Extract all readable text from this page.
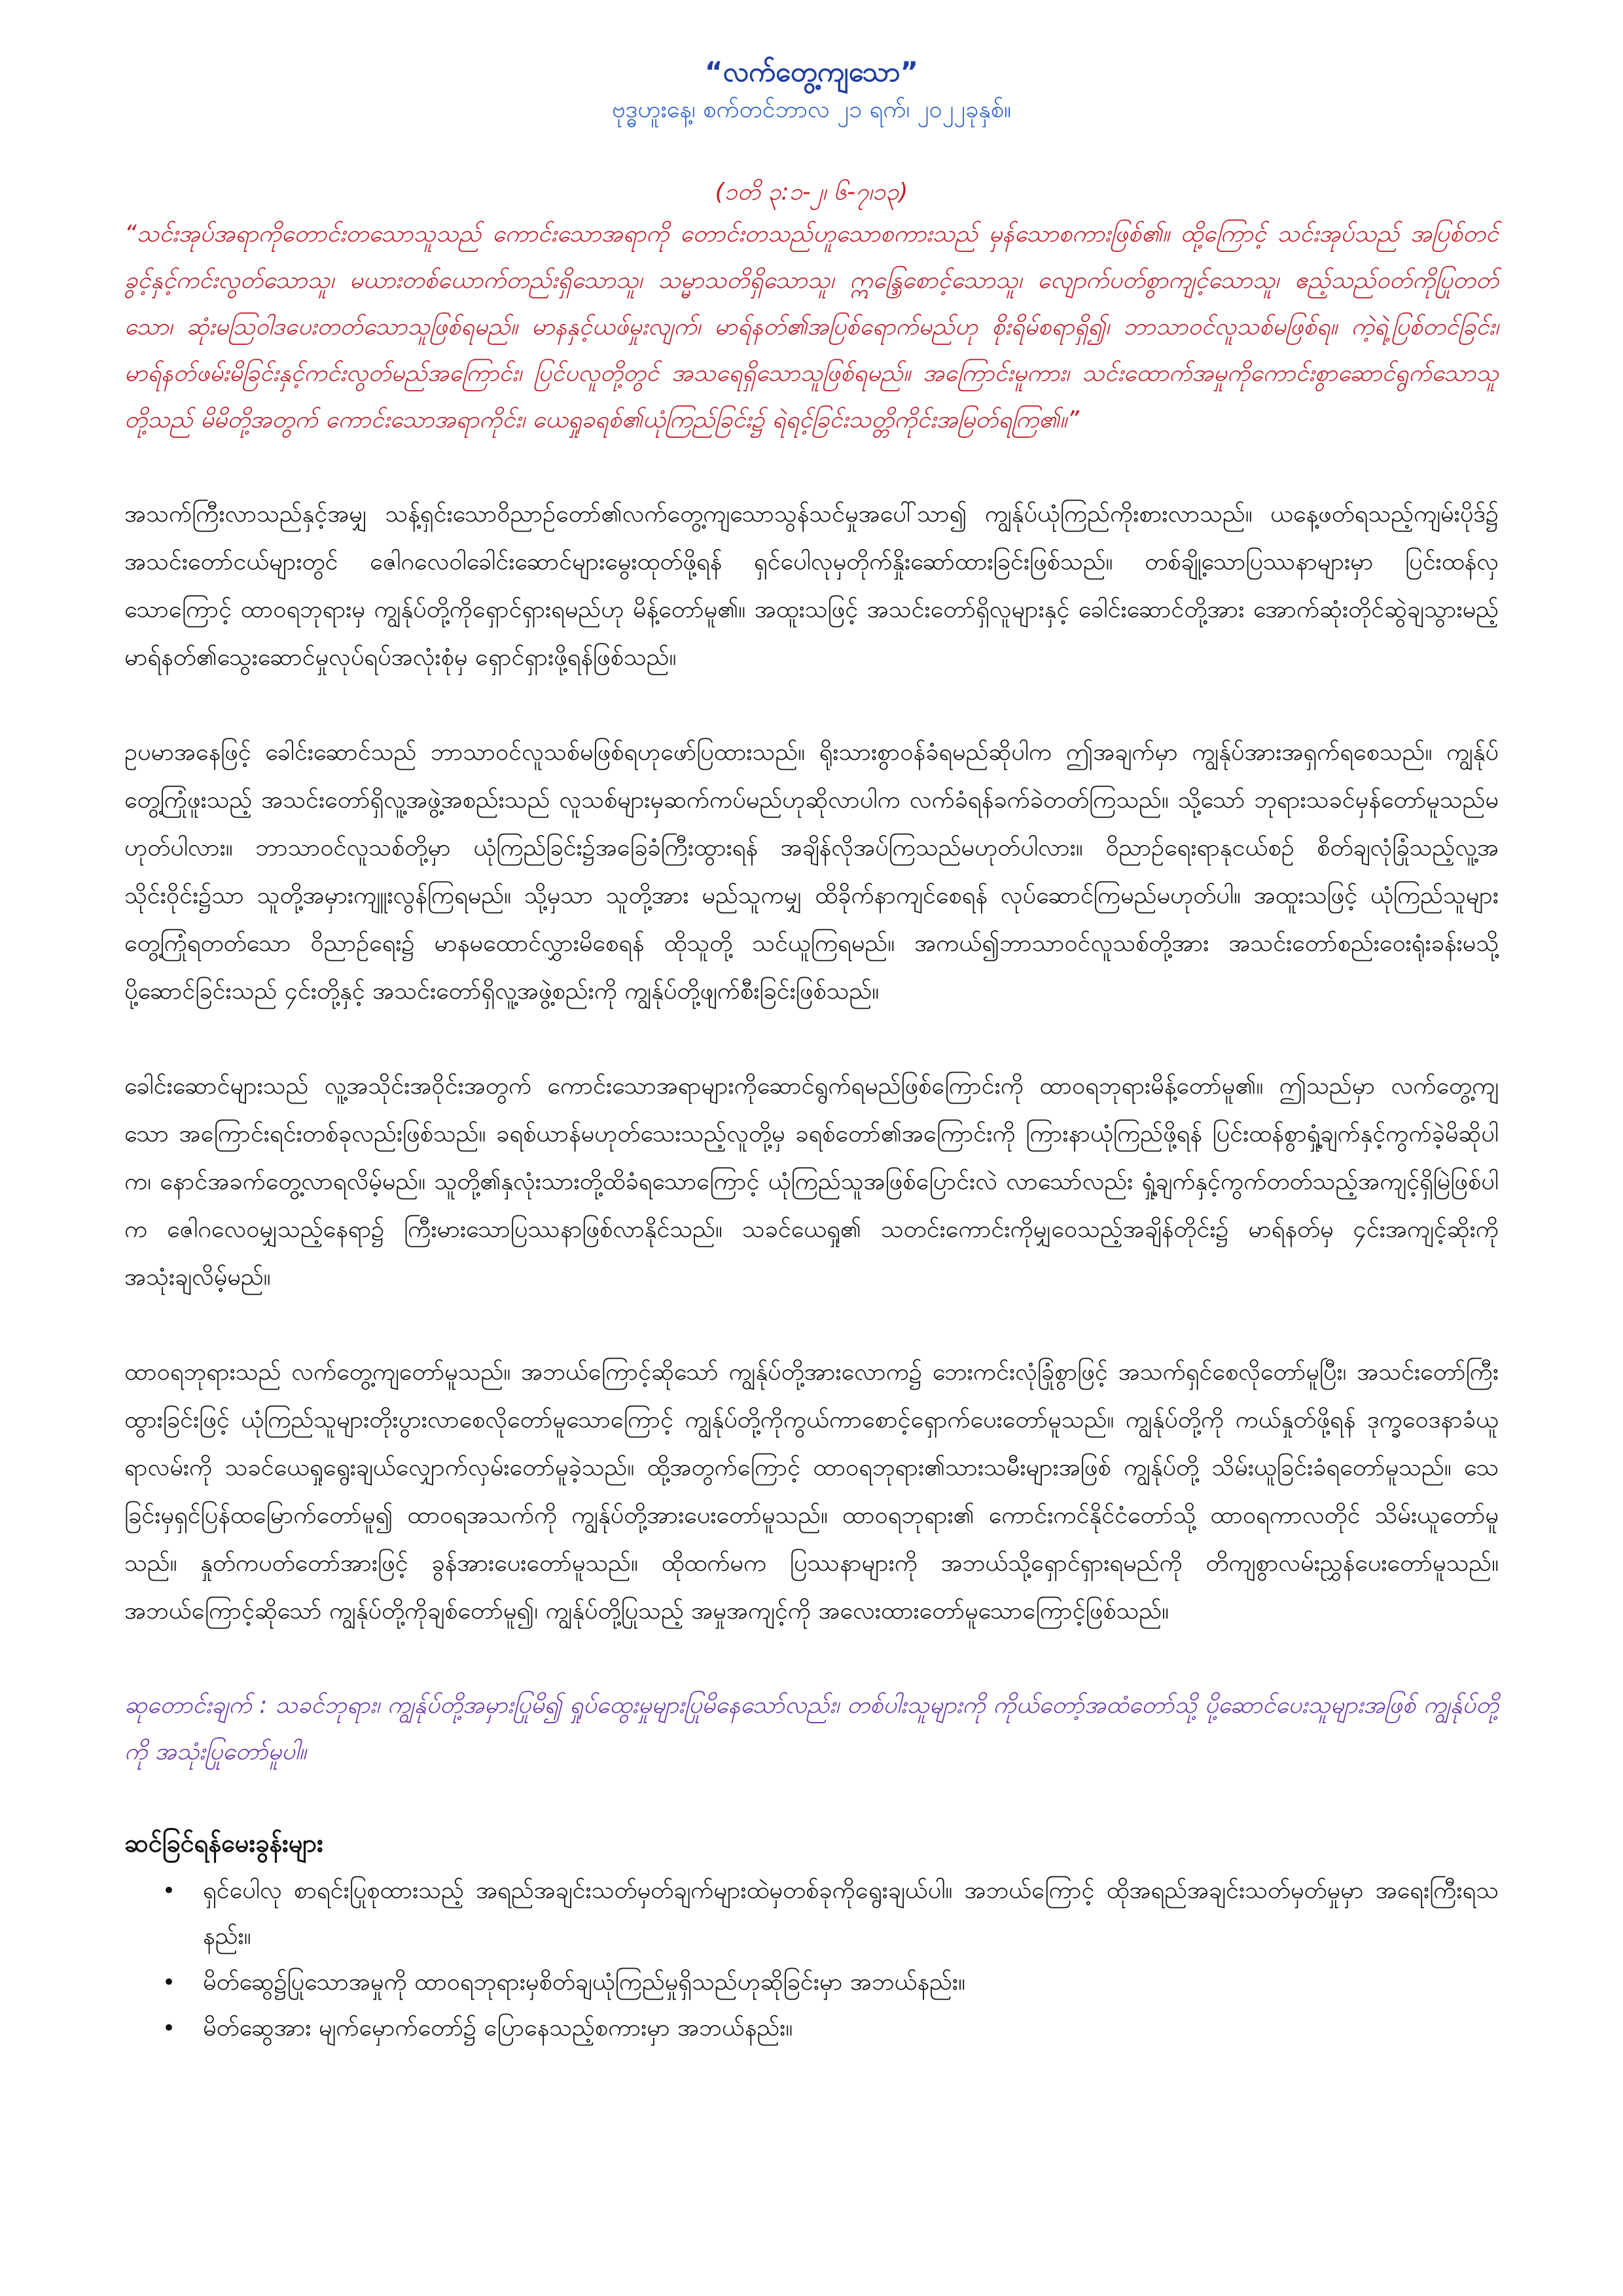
“လက်တွေ့ကျသော”

ဗုဒ္ဓဟူးနေ့၊ စက်တင်ဘာလ ၂၁ ရက်၊ ၂၀၂၂ခုနှစ်။

(၁တိ ၃:၁-၂၊ ၆-၇၊၁၃)

“သင်းအုပ်အရာကိုတောင်းတသောသူသည် ကောင်းသောအရာကို တောင်းတသည်ဟူသောစကားသည် မှန်သောစကားဖြစ်၏။ ထို့ကြောင့် သင်းအုပ်သည် အပြစ်တင်ခွင့်နှင့်ကင်းလွတ်သောသူ၊ မယားတစ်ယောက်တည်းရှိသောသူ၊ သမ္မာသတိရှိသောသူ၊ ဣန္ဒြေစောင့်သောသူ၊ လျောက်ပတ်စွာကျင့်သောသူ၊ ဧည့်သည်ဝတ်ကိုပြုတတ်သော၊ ဆုံးမသြဝါဒပေးတတ်သောသူဖြစ်ရမည်။ မာနနှင့်ယဖ်မှုးလျက်၊ မာရ်နတ်၏အပြစ်ရောက်မည်ဟု စိုးရိမ်စရာရှိ၍၊ ဘာသာဝင်လူသစ်မဖြစ်ရ။ ကဲ့ရဲ့ပြစ်တင်ခြင်း၊ မာရ်နတ်ဖမ်းမိခြင်းနှင့်ကင်းလွတ်မည်အကြောင်း၊ ပြင်ပလူတို့တွင် အသရေရှိသောသူဖြစ်ရမည်။ အကြောင်းမူကား၊ သင်းထောက်အမှုကိုကောင်းစွာဆောင်ရွက်သောသူတို့သည် မိမိတို့အတွက် ကောင်းသောအရာကိုင်း၊ ယေရှုခရစ်၏ယုံကြည်ခြင်း၌ ရဲရင့်ခြင်းသတ္တိကိုင်းအမြတ်ရကြ၏။”

အသက်ကြီးလာသည်နှင့်အမျှ သန့်ရှင်းသောဝိညာဉ်တော်၏လက်တွေ့ကျသောသွန်သင်မှုအပေါ်သာ၍ ကျွန်ုပ်ယုံကြည်ကိုးစားလာသည်။ ယနေ့ဖတ်ရသည့်ကျမ်းပိုဒ်၌ အသင်းတော်ငယ်များတွင် ဇေါဂလေဝါခေါင်းဆောင်များမွေးထုတ်ဖို့ရန် ရှင်ပေါလုမှတိုက်နှိုးဆော်ထားခြင်းဖြစ်သည်။ တစ်ချို့သောပြဿနာများမှာ ပြင်းထန်လှသောကြောင့် ထာဝရဘုရားမှ ကျွန်ုပ်တို့ကိုရှောင်ရှားရမည်ဟု မိန့်တော်မူ၏။ အထူးသဖြင့် အသင်းတော်ရှိလူများနှင့် ခေါင်းဆောင်တို့အား အောက်ဆုံးတိုင်ဆွဲချသွားမည့် မာရ်နတ်၏သွေးဆောင်မှုလုပ်ရပ်အလုံးစုံမှ ရှောင်ရှားဖို့ရန်ဖြစ်သည်။

ဥပမာအနေဖြင့် ခေါင်းဆောင်သည် ဘာသာဝင်လူသစ်မဖြစ်ရဟုဖော်ပြထားသည်။ ရိုးသားစွာဝန်ခံရမည်ဆိုပါက ဤအချက်မှာ ကျွန်ုပ်အားအရှက်ရစေသည်။ ကျွန်ုပ်တွေ့ကြုံဖူးသည့် အသင်းတော်ရှိလူ့အဖွဲ့အစည်းသည် လူသစ်များမှဆက်ကပ်မည်ဟုဆိုလာပါက လက်ခံရန်ခက်ခဲတတ်ကြသည်။ သို့သော် ဘုရားသခင်မှန်တော်မူသည်မဟုတ်ပါလား။ ဘာသာဝင်လူသစ်တို့မှာ ယုံကြည်ခြင်း၌အခြေခံကြီးထွားရန် အချိန်လိုအပ်ကြသည်မဟုတ်ပါလား။ ဝိညာဉ်ရေးရာနုငယ်စဉ် စိတ်ချလုံခြုံသည့်လူ့အသိုင်းဝိုင်း၌သာ သူတို့အမှားကျူးလွန်ကြရမည်။ သို့မှသာ သူတို့အား မည်သူကမျှ ထိခိုက်နာကျင်စေရန် လုပ်ဆောင်ကြမည်မဟုတ်ပါ။ အထူးသဖြင့် ယုံကြည်သူများတွေ့ကြုံရတတ်သော ဝိညာဉ်ရေး၌ မာနမထောင်လွှားမိစေရန် ထိုသူတို့ သင်ယူကြရမည်။ အကယ်၍ဘာသာဝင်လူသစ်တို့အား အသင်းတော်စည်းဝေးရုံးခန်းမသို့ ပို့ဆောင်ခြင်းသည် ၄င်းတို့နှင့် အသင်းတော်ရှိလူ့အဖွဲ့စည်းကို ကျွန်ုပ်တို့ဖျက်စီးခြင်းဖြစ်သည်။

ခေါင်းဆောင်များသည် လူ့အသိုင်းအဝိုင်းအတွက် ကောင်းသောအရာများကိုဆောင်ရွက်ရမည်ဖြစ်ကြောင်းကို ထာဝရဘုရားမိန့်တော်မူ၏။ ဤသည်မှာ လက်တွေ့ကျသော အကြောင်းရင်းတစ်ခုလည်းဖြစ်သည်။ ခရစ်ယာန်မဟုတ်သေးသည့်လူတို့မှ ခရစ်တော်၏အကြောင်းကို ကြားနာယုံကြည်ဖို့ရန် ပြင်းထန်စွာရှုံ့ချက်နှင့်ကွက်ခဲ့မိဆိုပါက၊ နောင်အခက်တွေ့လာရလိမ့်မည်။ သူတို့၏နှလုံးသားတို့ထိခံရသောကြောင့် ယုံကြည်သူအဖြစ်ပြောင်းလဲ လာသော်လည်း ရှုံ့ချက်နှင့်ကွက်တတ်သည့်အကျင့်ရှိမြဲဖြစ်ပါက ဇေါဂလေဝမျှသည့်နေရာ၌ ကြီးမားသောပြဿနာဖြစ်လာနိုင်သည်။ သခင်ယေရှု၏ သတင်းကောင်းကိုမျှဝေသည့်အချိန်တိုင်း၌ မာရ်နတ်မှ ၄င်းအကျင့်ဆိုးကို အသုံးချလိမ့်မည်။

ထာဝရဘုရားသည် လက်တွေ့ကျတော်မူသည်။ အဘယ်ကြောင့်ဆိုသော် ကျွန်ုပ်တို့အားလောက၌ ဘေးကင်းလုံခြုံစွာဖြင့် အသက်ရှင်စေလိုတော်မူပြီး၊ အသင်းတော်ကြီးထွားခြင်းဖြင့် ယုံကြည်သူများတိုးပွားလာစေလိုတော်မူသောကြောင့် ကျွန်ုပ်တို့ကိုကွယ်ကာစောင့်ရှောက်ပေးတော်မူသည်။ ကျွန်ုပ်တို့ကို ကယ်နှုတ်ဖို့ရန် ဒုက္ခဝေဒနာခံယူရာလမ်းကို သခင်ယေရှုရွေးချယ်လျှောက်လှမ်းတော်မူခဲ့သည်။ ထို့အတွက်ကြောင့် ထာဝရဘုရား၏သားသမီးများအဖြစ် ကျွန်ုပ်တို့ သိမ်းယူခြင်းခံရတော်မူသည်။ သေခြင်းမှရှင်ပြန်ထမြောက်တော်မူ၍ ထာဝရအသက်ကို ကျွန်ုပ်တို့အားပေးတော်မူသည်။ ထာဝရဘုရား၏ ကောင်းကင်နိုင်ငံတော်သို့ ထာဝရကာလတိုင် သိမ်းယူတော်မူသည်။ နှုတ်ကပတ်တော်အားဖြင့် ခွန်အားပေးတော်မူသည်။ ထိုထက်မက ပြဿနာများကို အဘယ်သို့ရှောင်ရှားရမည်ကို တိကျစွာလမ်းညွှန်ပေးတော်မူသည်။ အဘယ်ကြောင့်ဆိုသော် ကျွန်ုပ်တို့ကိုချစ်တော်မူ၍၊ ကျွန်ုပ်တို့ပြုသည့် အမှုအကျင့်ကို အလေးထားတော်မူသောကြောင့်ဖြစ်သည်။

ဆုတောင်းချက် : သခင်ဘုရား၊ ကျွန်ုပ်တို့အမှားပြုမိ၍ ရှုပ်ထွေးမှုများပြုမိနေသော်လည်း၊ တစ်ပါးသူများကို ကိုယ်တော့်အထံတော်သို့ ပို့ဆောင်ပေးသူများအဖြစ် ကျွန်ုပ်တို့ကို အသုံးပြုတော်မူပါ။

ဆင်ခြင်ရန်မေးခွန်းများ

• ရှင်ပေါလု စာရင်းပြုစုထားသည့် အရည်အချင်းသတ်မှတ်ချက်များထဲမှတစ်ခုကိုရွေးချယ်ပါ။ အဘယ်ကြောင့် ထိုအရည်အချင်းသတ်မှတ်မှုမှာ အရေးကြီးရသနည်း။
• မိတ်ဆွေ၌ပြုသောအမှုကို ထာဝရဘုရားမှစိတ်ချယုံကြည်မှုရှိသည်ဟုဆိုခြင်းမှာ အဘယ်နည်း။
• မိတ်ဆွေအား မျက်မှောက်တော်၌ ပြောနေသည့်စကားမှာ အဘယ်နည်း။
